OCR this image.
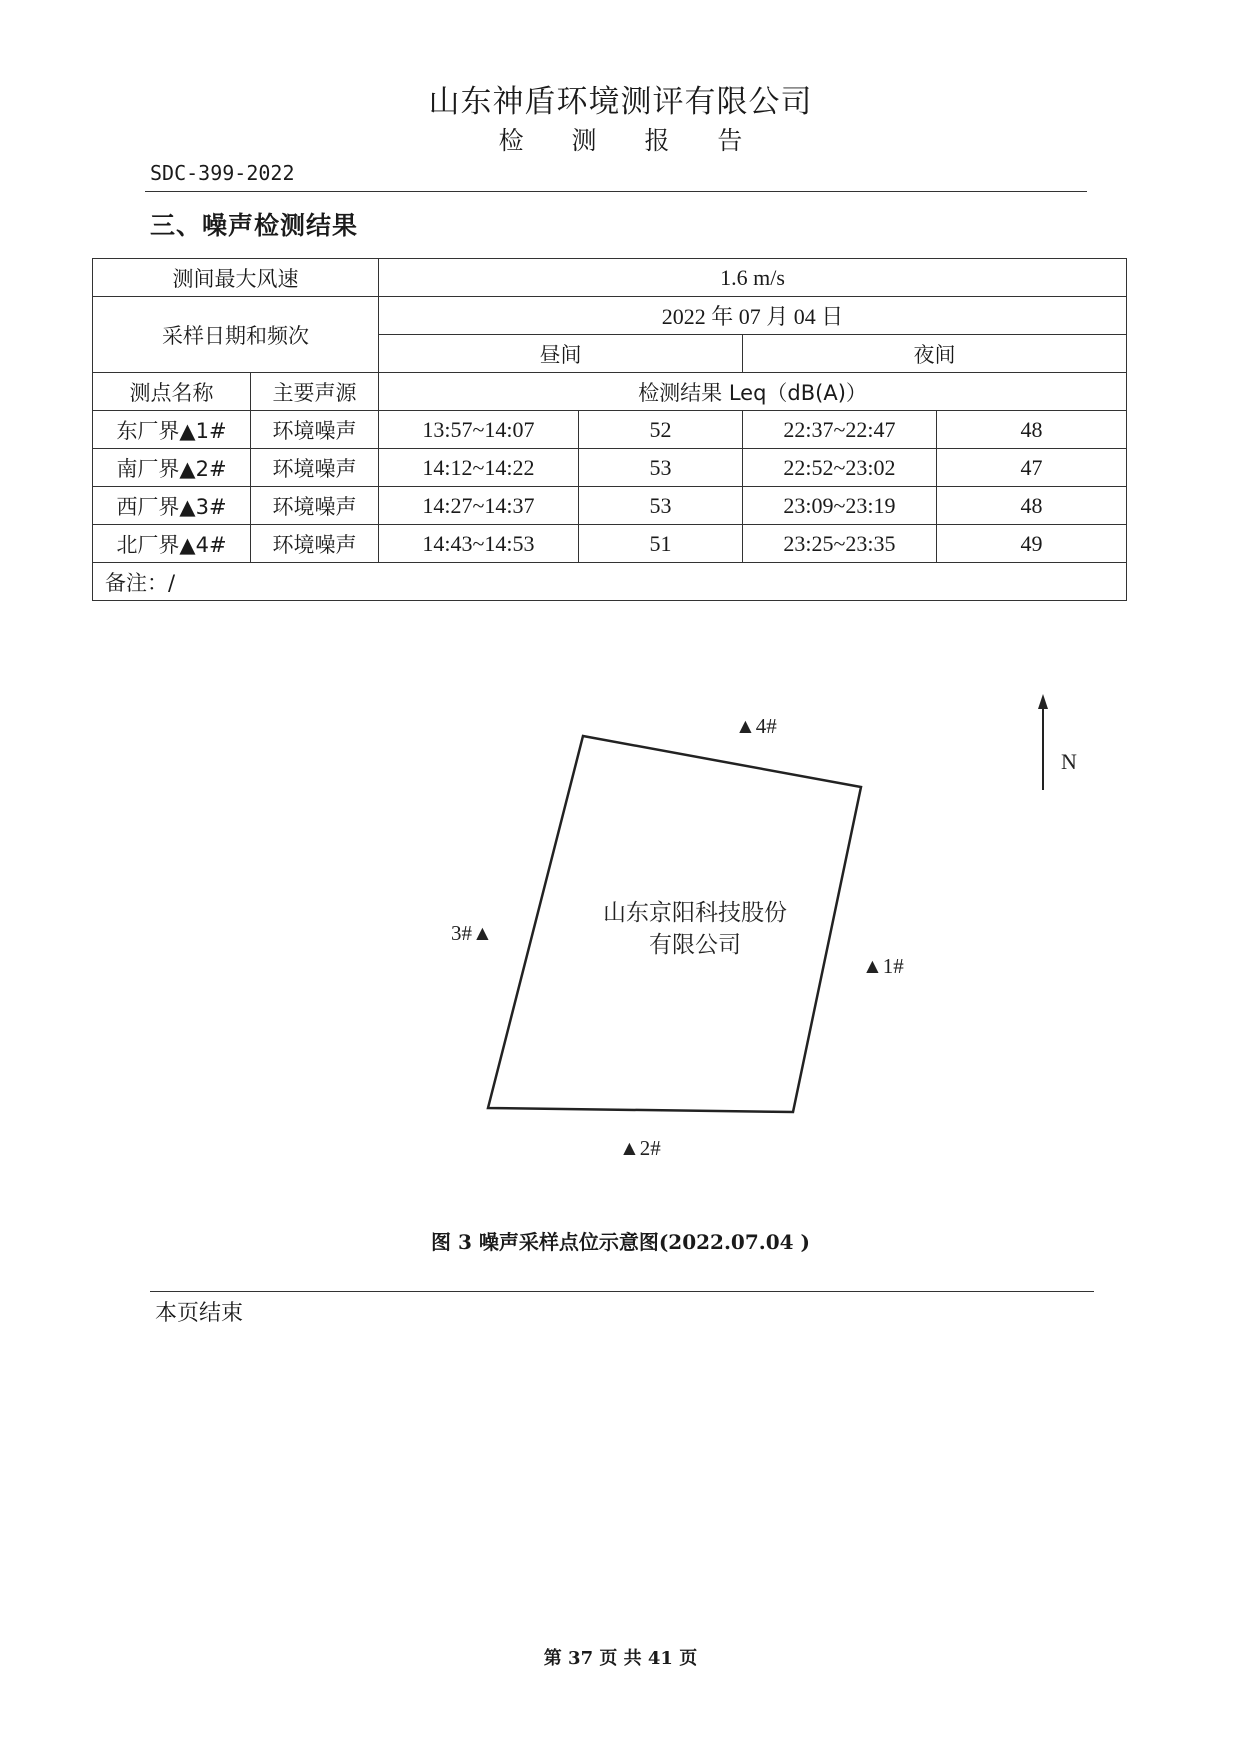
山东神盾环境测评有限公司
检 测 报 告
SDC-399-2022
三、噪声检测结果
测间最大风速		1.6 m/s			
采样日期和频次		2022 年 07 月 04 日			
		昼间		夜间	
测点名称	主要声源	检测结果 Leq（dB(A)）			
东厂界▲1#	环境噪声	13:57~14:07	52	22:37~22:47	48
南厂界▲2#	环境噪声	14:12~14:22	53	22:52~23:02	47
西厂界▲3#	环境噪声	14:27~14:37	53	23:09~23:19	48
北厂界▲4#	环境噪声	14:43~14:53	51	23:25~23:35	49
备注：/					
山东京阳科技股份
有限公司
▲4#
3#▲
▲1#
▲2#
N
图 3 噪声采样点位示意图(2022.07.04 )
本页结束
第 37 页 共 41 页
